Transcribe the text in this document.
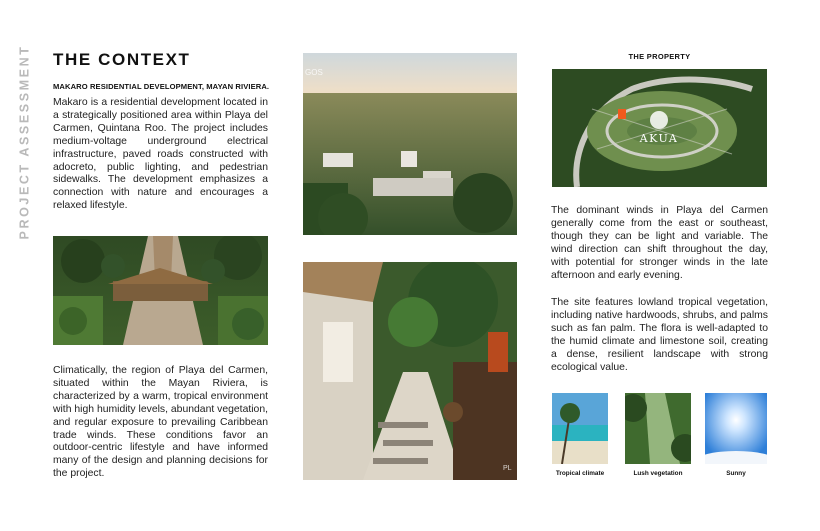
PROJECT ASSESSMENT THE CONTEXT
MAKARO RESIDENTIAL DEVELOPMENT, MAYAN RIVIERA.

Makaro is a residential development located in a strategically positioned area within Playa del Carmen, Quintana Roo. The project includes medium-voltage underground electrical infrastructure, paved roads constructed with adocreto, public lighting, and pedestrian sidewalks. The development emphasizes a connection with nature and encourages a relaxed lifestyle.

Climatically, the region of Playa del Carmen, situated within the Mayan Riviera, is characterized by a warm, tropical environment with high humidity levels, abundant vegetation, and regular exposure to prevailing Caribbean trade winds. These conditions favor an outdoor-centric lifestyle and have informed many of the design and planning decisions for the project.

GOS
PL
THE PROPERTY
AKUA

The dominant winds in Playa del Carmen generally come from the east or southeast, though they can be light and variable. The wind direction can shift throughout the day, with potential for stronger winds in the late afternoon and early evening.

The site features lowland tropical vegetation, including native hardwoods, shrubs, and palms such as fan palm. The flora is well-adapted to the humid climate and limestone soil, creating a dense, resilient landscape with strong ecological value.

Tropical climate	Lush vegetation	Sunny
